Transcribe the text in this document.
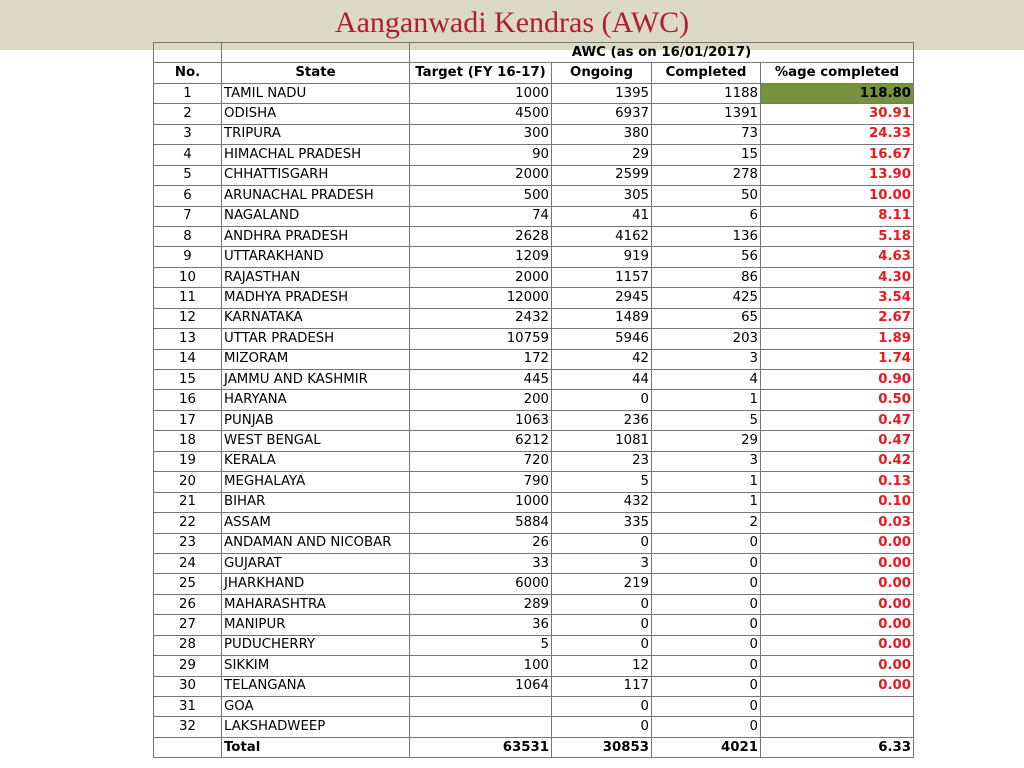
Aanganwadi Kendras (AWC)
		AWC (as on 16/01/2017)			
No.	State	Target (FY 16-17)	Ongoing	Completed	%age completed
1	TAMIL NADU	1000	1395	1188	118.80
2	ODISHA	4500	6937	1391	30.91
3	TRIPURA	300	380	73	24.33
4	HIMACHAL PRADESH	90	29	15	16.67
5	CHHATTISGARH	2000	2599	278	13.90
6	ARUNACHAL PRADESH	500	305	50	10.00
7	NAGALAND	74	41	6	8.11
8	ANDHRA PRADESH	2628	4162	136	5.18
9	UTTARAKHAND	1209	919	56	4.63
10	RAJASTHAN	2000	1157	86	4.30
11	MADHYA PRADESH	12000	2945	425	3.54
12	KARNATAKA	2432	1489	65	2.67
13	UTTAR PRADESH	10759	5946	203	1.89
14	MIZORAM	172	42	3	1.74
15	JAMMU AND KASHMIR	445	44	4	0.90
16	HARYANA	200	0	1	0.50
17	PUNJAB	1063	236	5	0.47
18	WEST BENGAL	6212	1081	29	0.47
19	KERALA	720	23	3	0.42
20	MEGHALAYA	790	5	1	0.13
21	BIHAR	1000	432	1	0.10
22	ASSAM	5884	335	2	0.03
23	ANDAMAN AND NICOBAR	26	0	0	0.00
24	GUJARAT	33	3	0	0.00
25	JHARKHAND	6000	219	0	0.00
26	MAHARASHTRA	289	0	0	0.00
27	MANIPUR	36	0	0	0.00
28	PUDUCHERRY	5	0	0	0.00
29	SIKKIM	100	12	0	0.00
30	TELANGANA	1064	117	0	0.00
31	GOA		0	0	
32	LAKSHADWEEP		0	0	
	Total	63531	30853	4021	6.33
